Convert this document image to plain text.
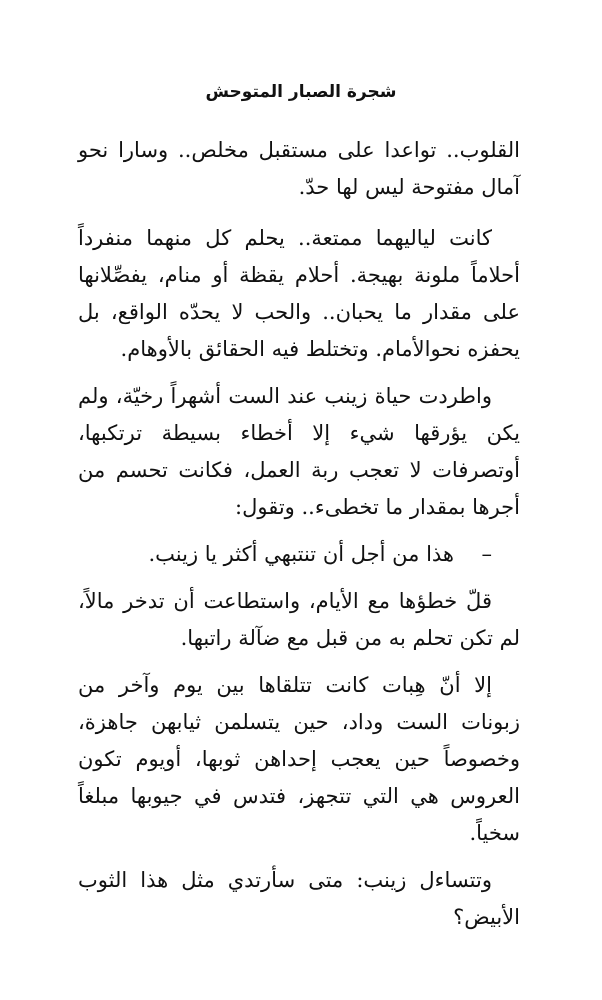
شجرة الصبار المتوحش

القلوب.. تواعدا على مستقبل مخلص.. وسارا نحو آمال مفتوحة ليس لها حدّ.

كانت لياليهما ممتعة.. يحلم كل منهما منفرداً أحلاماً ملونة بهيجة. أحلام يقظة أو منام، يفصِّلانها على مقدار ما يحبان.. والحب لا يحدّه الواقع، بل يحفزه نحوالأمام. وتختلط فيه الحقائق بالأوهام.

واطردت حياة زينب عند الست أشهراً رخيّة، ولم يكن يؤرقها شيء إلا أخطاء بسيطة ترتكبها، أوتصرفات لا تعجب ربة العمل، فكانت تحسم من أجرها بمقدار ما تخطىء.. وتقول:

–هذا من أجل أن تنتبهي أكثر يا زينب.

قلّ خطؤها مع الأيام، واستطاعت أن تدخر مالاً، لم تكن تحلم به من قبل مع ضآلة راتبها.

إلا أنّ هِبات كانت تتلقاها بين يوم وآخر من زبونات الست وداد، حين يتسلمن ثيابهن جاهزة، وخصوصاً حين يعجب إحداهن ثوبها، أويوم تكون العروس هي التي تتجهز، فتدس في جيوبها مبلغاً سخياً.

وتتساءل زينب: متى سأرتدي مثل هذا الثوب الأبيض؟
